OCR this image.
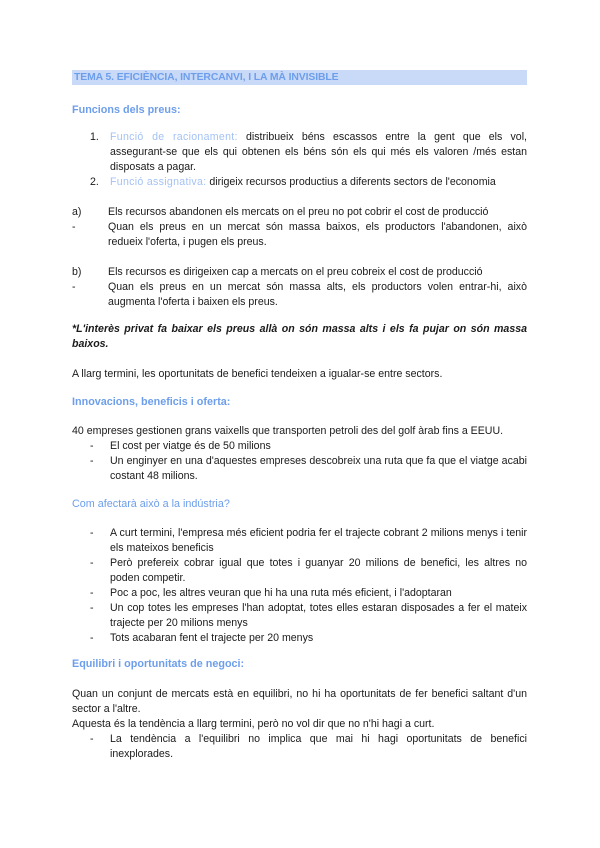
TEMA 5. EFICIÈNCIA, INTERCANVI, I LA MÀ INVISIBLE
Funcions dels preus:
1. Funció de racionament: distribueix béns escassos entre la gent que els vol, assegurant-se que els qui obtenen els béns són els qui més els valoren /més estan disposats a pagar.
2. Funció assignativa: dirigeix recursos productius a diferents sectors de l'economia
a)	Els recursos abandonen els mercats on el preu no pot cobrir el cost de producció
-	Quan els preus en un mercat són massa baixos, els productors l'abandonen, això redueix l'oferta, i pugen els preus.
b)	Els recursos es dirigeixen cap a mercats on el preu cobreix el cost de producció
-	Quan els preus en un mercat són massa alts, els productors volen entrar-hi, això augmenta l'oferta i baixen els preus.
*L'interès privat fa baixar els preus allà on són massa alts i els fa pujar on són massa baixos.
A llarg termini, les oportunitats de benefici tendeixen a igualar-se entre sectors.
Innovacions, beneficis i oferta:
40 empreses gestionen grans vaixells que transporten petroli des del golf àrab fins a EEUU.
- El cost per viatge és de 50 milions
- Un enginyer en una d'aquestes empreses descobreix una ruta que fa que el viatge acabi costant 48 milions.
Com afectarà això a la indústria?
- A curt termini, l'empresa més eficient podria fer el trajecte cobrant 2 milions menys i tenir els mateixos beneficis
- Però prefereix cobrar igual que totes i guanyar 20 milions de benefici, les altres no poden competir.
- Poc a poc, les altres veuran que hi ha una ruta més eficient, i l'adoptaran
- Un cop totes les empreses l'han adoptat, totes elles estaran disposades a fer el mateix trajecte per 20 milions menys
- Tots acabaran fent el trajecte per 20 menys
Equilibri i oportunitats de negoci:
Quan un conjunt de mercats està en equilibri, no hi ha oportunitats de fer benefici saltant d'un sector a l'altre.
Aquesta és la tendència a llarg termini, però no vol dir que no n'hi hagi a curt.
- La tendència a l'equilibri no implica que mai hi hagi oportunitats de benefici inexplorades.
